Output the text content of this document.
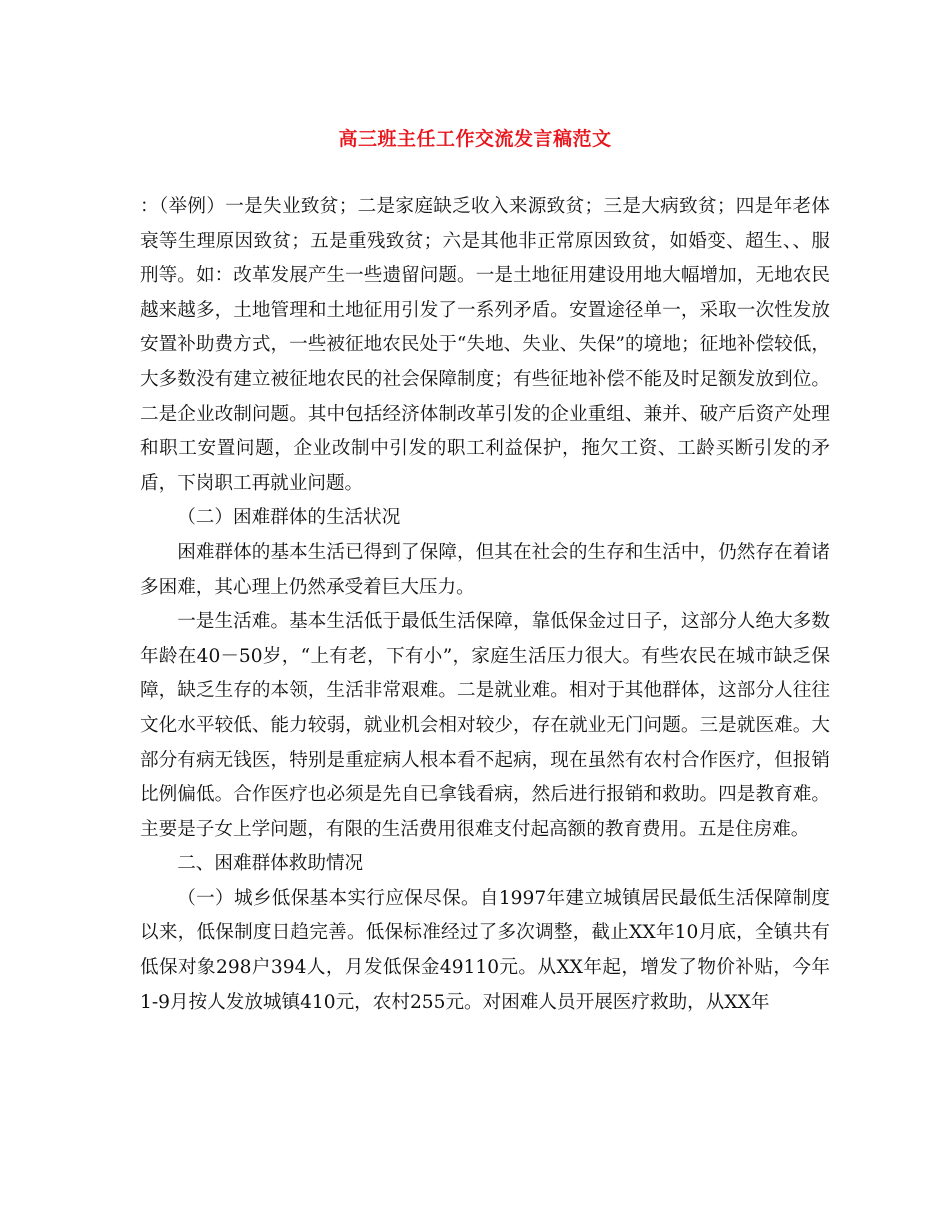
高三班主任工作交流发言稿范文

：（举例）一是失业致贫；二是家庭缺乏收入来源致贫；三是大病致贫；四是年老体衰等生理原因致贫；五是重残致贫；六是其他非正常原因致贫，如婚变、超生、、服刑等。如：改革发展产生一些遗留问题。一是土地征用建设用地大幅增加，无地农民越来越多，土地管理和土地征用引发了一系列矛盾。安置途径单一，采取一次性发放安置补助费方式，一些被征地农民处于“失地、失业、失保”的境地；征地补偿较低，大多数没有建立被征地农民的社会保障制度；有些征地补偿不能及时足额发放到位。二是企业改制问题。其中包括经济体制改革引发的企业重组、兼并、破产后资产处理和职工安置问题，企业改制中引发的职工利益保护，拖欠工资、工龄买断引发的矛盾，下岗职工再就业问题。

（二）困难群体的生活状况

困难群体的基本生活已得到了保障，但其在社会的生存和生活中，仍然存在着诸多困难，其心理上仍然承受着巨大压力。

一是生活难。基本生活低于最低生活保障，靠低保金过日子，这部分人绝大多数年龄在40－50岁，“上有老，下有小”，家庭生活压力很大。有些农民在城市缺乏保障，缺乏生存的本领，生活非常艰难。二是就业难。相对于其他群体，这部分人往往文化水平较低、能力较弱，就业机会相对较少，存在就业无门问题。三是就医难。大部分有病无钱医，特别是重症病人根本看不起病，现在虽然有农村合作医疗，但报销比例偏低。合作医疗也必须是先自已拿钱看病，然后进行报销和救助。四是教育难。主要是子女上学问题，有限的生活费用很难支付起高额的教育费用。五是住房难。

二、困难群体救助情况

（一）城乡低保基本实行应保尽保。自1997年建立城镇居民最低生活保障制度以来，低保制度日趋完善。低保标准经过了多次调整，截止XX年10月底，全镇共有低保对象298户394人，月发低保金49110元。从XX年起，增发了物价补贴，今年1-9月按人发放城镇410元，农村255元。对困难人员开展医疗救助，从XX年
